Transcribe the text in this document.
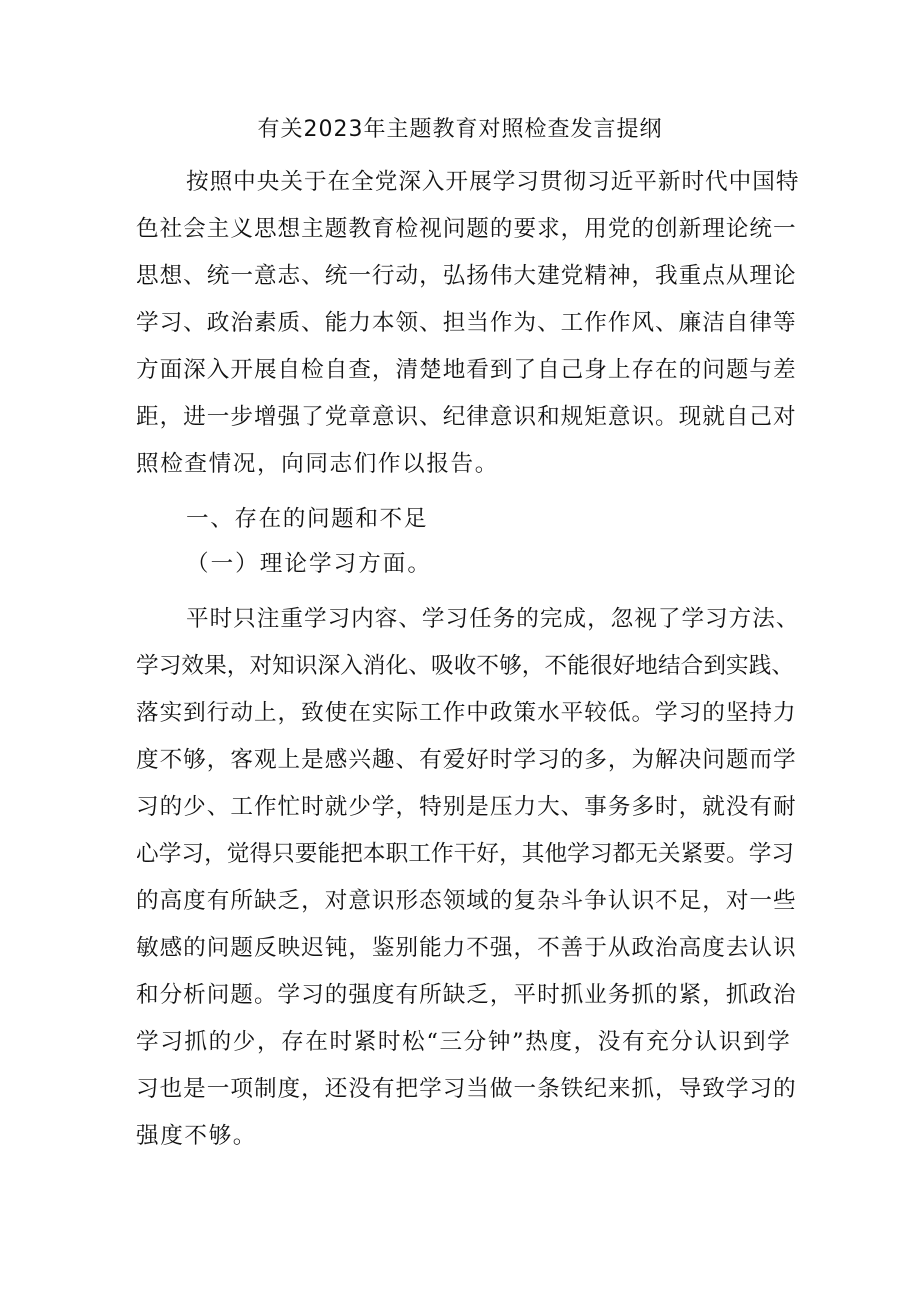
有关2023年主题教育对照检查发言提纲

按照中央关于在全党深入开展学习贯彻习近平新时代中国特

色社会主义思想主题教育检视问题的要求，用党的创新理论统一

思想、统一意志、统一行动，弘扬伟大建党精神，我重点从理论

学习、政治素质、能力本领、担当作为、工作作风、廉洁自律等

方面深入开展自检自查，清楚地看到了自己身上存在的问题与差

距，进一步增强了党章意识、纪律意识和规矩意识。现就自己对

照检查情况，向同志们作以报告。

一、存在的问题和不足

（一）理论学习方面。

平时只注重学习内容、学习任务的完成，忽视了学习方法、

学习效果，对知识深入消化、吸收不够，不能很好地结合到实践、

落实到行动上，致使在实际工作中政策水平较低。学习的坚持力

度不够，客观上是感兴趣、有爱好时学习的多，为解决问题而学

习的少、工作忙时就少学，特别是压力大、事务多时，就没有耐

心学习，觉得只要能把本职工作干好，其他学习都无关紧要。学习

的高度有所缺乏，对意识形态领域的复杂斗争认识不足，对一些

敏感的问题反映迟钝，鉴别能力不强，不善于从政治高度去认识

和分析问题。学习的强度有所缺乏，平时抓业务抓的紧，抓政治

学习抓的少，存在时紧时松“三分钟”热度，没有充分认识到学

习也是一项制度，还没有把学习当做一条铁纪来抓，导致学习的

强度不够。
